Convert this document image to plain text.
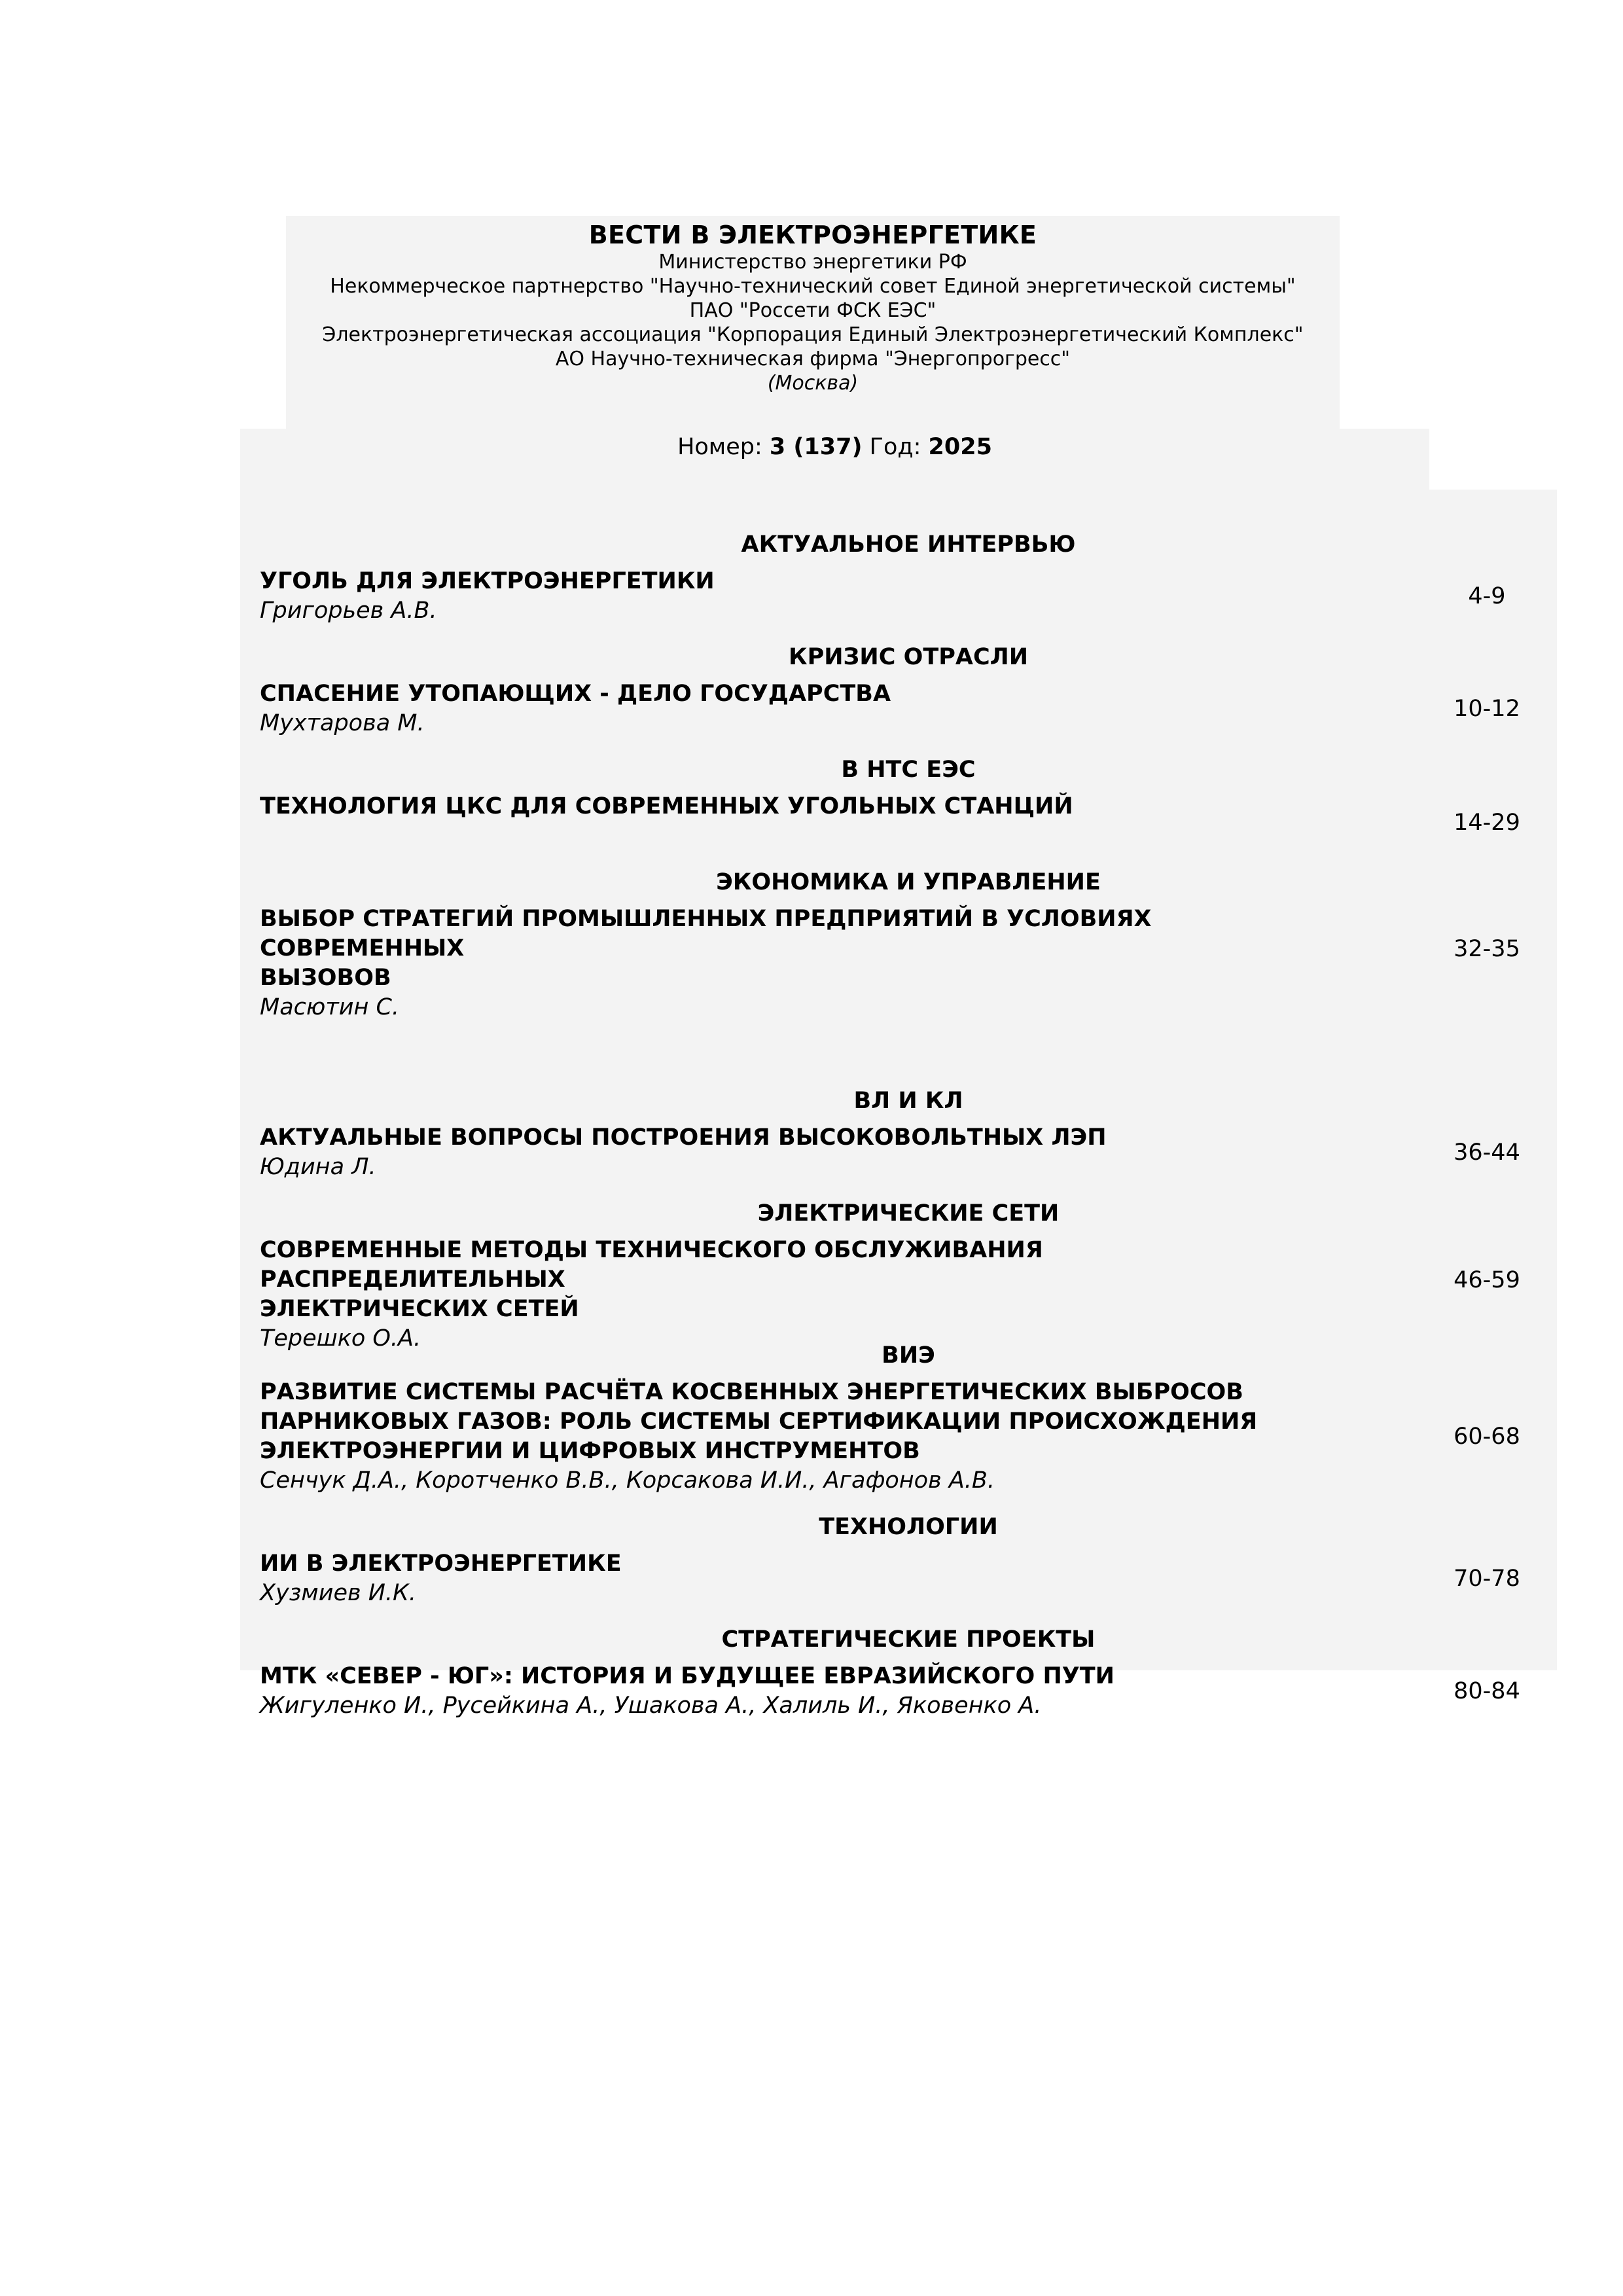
ВЕСТИ В ЭЛЕКТРОЭНЕРГЕТИКЕ
Министерство энергетики РФ
Некоммерческое партнерство "Научно-технический совет Единой энергетической системы"
ПАО "Россети ФСК ЕЭС"
Электроэнергетическая ассоциация "Корпорация Единый Электроэнергетический Комплекс"
АО Научно-техническая фирма "Энергопрогресс"
(Москва)
Номер: 3 (137) Год: 2025
АКТУАЛЬНОЕ ИНТЕРВЬЮ
УГОЛЬ ДЛЯ ЭЛЕКТРОЭНЕРГЕТИКИ
Григорьев А.В.
4-9
КРИЗИС ОТРАСЛИ
СПАСЕНИЕ УТОПАЮЩИХ - ДЕЛО ГОСУДАРСТВА
Мухтарова М.
10-12
В НТС ЕЭС
ТЕХНОЛОГИЯ ЦКС ДЛЯ СОВРЕМЕННЫХ УГОЛЬНЫХ СТАНЦИЙ
14-29
ЭКОНОМИКА И УПРАВЛЕНИЕ
ВЫБОР СТРАТЕГИЙ ПРОМЫШЛЕННЫХ ПРЕДПРИЯТИЙ В УСЛОВИЯХ СОВРЕМЕННЫХ
ВЫЗОВОВ
Масютин С.
32-35
ВЛ И КЛ
АКТУАЛЬНЫЕ ВОПРОСЫ ПОСТРОЕНИЯ ВЫСОКОВОЛЬТНЫХ ЛЭП
Юдина Л.
36-44
ЭЛЕКТРИЧЕСКИЕ СЕТИ
СОВРЕМЕННЫЕ МЕТОДЫ ТЕХНИЧЕСКОГО ОБСЛУЖИВАНИЯ РАСПРЕДЕЛИТЕЛЬНЫХ
ЭЛЕКТРИЧЕСКИХ СЕТЕЙ
Терешко О.А.
46-59
ВИЭ
РАЗВИТИЕ СИСТЕМЫ РАСЧЁТА КОСВЕННЫХ ЭНЕРГЕТИЧЕСКИХ ВЫБРОСОВ
ПАРНИКОВЫХ ГАЗОВ: РОЛЬ СИСТЕМЫ СЕРТИФИКАЦИИ ПРОИСХОЖДЕНИЯ
ЭЛЕКТРОЭНЕРГИИ И ЦИФРОВЫХ ИНСТРУМЕНТОВ
Сенчук Д.А., Коротченко В.В., Корсакова И.И., Агафонов А.В.
60-68
ТЕХНОЛОГИИ
ИИ В ЭЛЕКТРОЭНЕРГЕТИКЕ
Хузмиев И.К.
70-78
СТРАТЕГИЧЕСКИЕ ПРОЕКТЫ
МТК «СЕВЕР - ЮГ»: ИСТОРИЯ И БУДУЩЕЕ ЕВРАЗИЙСКОГО ПУТИ
Жигуленко И., Русейкина А., Ушакова А., Халиль И., Яковенко А.
80-84
